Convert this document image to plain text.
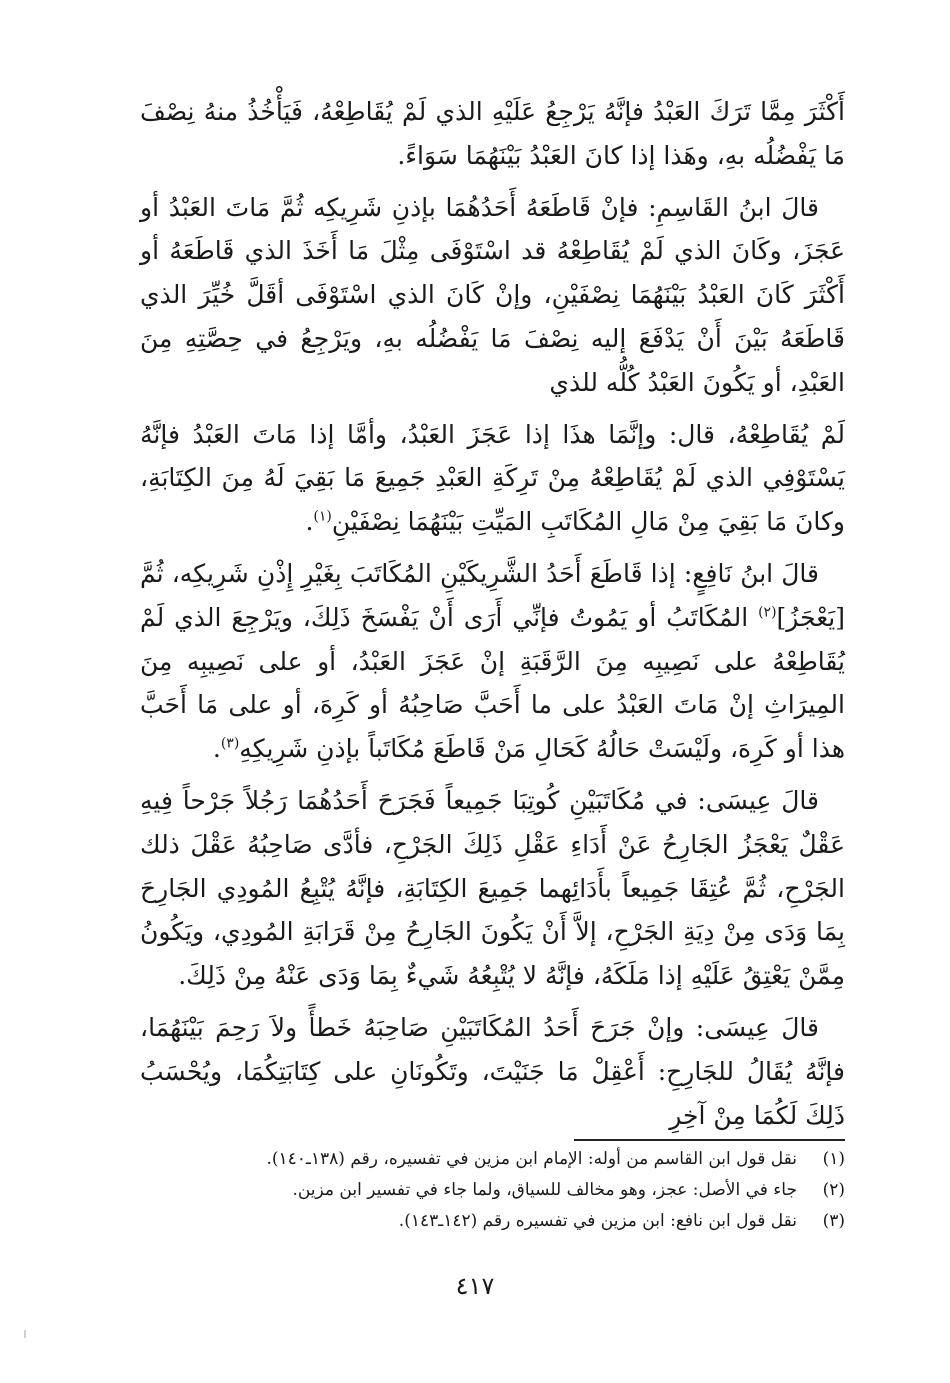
أَكْثَرَ مِمَّا تَرَكَ العَبْدُ فإنَّهُ يَرْجِعُ عَلَيْهِ الذي لَمْ يُقَاطِعْهُ، فَيَأْخُذُ منهُ نِصْفَ مَا يَفْضُلُه بهِ، وهَذا إذا كانَ العَبْدُ بَيْنَهُمَا سَوَاءً.

قالَ ابنُ القَاسِمِ: فإنْ قَاطَعَهُ أَحَدُهُمَا بإذنِ شَرِيكِه ثُمَّ مَاتَ العَبْدُ أو عَجَزَ، وكَانَ الذي لَمْ يُقَاطِعْهُ قد اسْتَوْفَى مِثْلَ مَا أَخَذَ الذي قَاطَعَهُ أو أَكْثَرَ كَانَ العَبْدُ بَيْنَهُمَا نِصْفَيْنِ، وإنْ كَانَ الذي اسْتَوْفَى أقَلَّ خُيِّرَ الذي قَاطَعَهُ بَيْنَ أَنْ يَدْفَعَ إليه نِصْفَ مَا يَفْضُلُه بهِ، ويَرْجِعُ في حِصَّتِهِ مِنَ العَبْدِ، أو يَكُونَ العَبْدُ كُلُّه للذي

لَمْ يُقَاطِعْهُ، قال: وإنَّمَا هذَا إذا عَجَزَ العَبْدُ، وأمَّا إذا مَاتَ العَبْدُ فإنَّهُ يَسْتَوْفِي الذي لَمْ يُقَاطِعْهُ مِنْ تَرِكَةِ العَبْدِ جَمِيعَ مَا بَقِيَ لَهُ مِنَ الكِتَابَةِ، وكانَ مَا بَقِيَ مِنْ مَالِ المُكَاتَبِ المَيِّتِ بَيْنَهُمَا نِصْفَيْنِ$^{(١)}$.

قالَ ابنُ نَافِعٍ: إذا قَاطَعَ أَحَدُ الشَّرِيكَيْنِ المُكَاتَبَ بِغَيْرِ إِذْنِ شَرِيكِه، ثُمَّ [يَعْجَزُ]$^{(٢)}$ المُكَاتَبُ أو يَمُوتُ فإنِّي أَرَى أَنْ يَفْسَخَ ذَلِكَ، ويَرْجِعَ الذي لَمْ يُقَاطِعْهُ على نَصِيبِه مِنَ الرَّقَبَةِ إنْ عَجَزَ العَبْدُ، أو على نَصِيبِه مِنَ المِيرَاثِ إنْ مَاتَ العَبْدُ على ما أَحَبَّ صَاحِبُهُ أو كَرِهَ، أو على مَا أَحَبَّ هذا أو كَرِهَ، ولَيْسَتْ حَالُهُ كَحَالِ مَنْ قَاطَعَ مُكَاتَباً بإذنِ شَرِيكِهِ$^{(٣)}$.

قالَ عِيسَى: في مُكَاتَبَيْنِ كُوتِبَا جَمِيعاً فَجَرَحَ أَحَدُهُمَا رَجُلاً جَرْحاً فِيهِ عَقْلٌ يَعْجَزُ الجَارِحُ عَنْ أَدَاءِ عَقْلِ ذَلِكَ الجَرْحِ، فأدَّى صَاحِبُهُ عَقْلَ ذلك الجَرْحِ، ثُمَّ عُتِقَا جَمِيعاً بأَدَائِهما جَمِيعَ الكِتَابَةِ، فإنَّهُ يُتْبِعُ المُودِي الجَارِحَ بِمَا وَدَى مِنْ دِيَةِ الجَرْحِ، إلاَّ أَنْ يَكُونَ الجَارِحُ مِنْ قَرَابَةِ المُودِي، ويَكُونُ مِمَّنْ يَعْتِقُ عَلَيْهِ إذا مَلَكَهُ، فإنَّهُ لا يُتْبِعُهُ شَيءٌ بِمَا وَدَى عَنْهُ مِنْ ذَلِكَ.

قالَ عِيسَى: وإنْ جَرَحَ أَحَدُ المُكَاتَبَيْنِ صَاحِبَهُ خَطأً ولاَ رَحِمَ بَيْنَهُمَا، فإنَّهُ يُقَالُ للجَارِحِ: أَعْقِلْ مَا جَنَيْتَ، وتَكُونَانِ على كِتَابَتِكُمَا، ويُحْسَبُ ذَلِكَ لَكُمَا مِنْ آخِرِ

(١)
نقل قول ابن القاسم من أوله: الإمام ابن مزين في تفسيره، رقم (١٣٨ـ١٤٠).
(٢)
جاء في الأصل: عجز، وهو مخالف للسياق، ولما جاء في تفسير ابن مزين.
(٣)
نقل قول ابن نافع: ابن مزين في تفسيره رقم (١٤٢ـ١٤٣).
٤١٧
